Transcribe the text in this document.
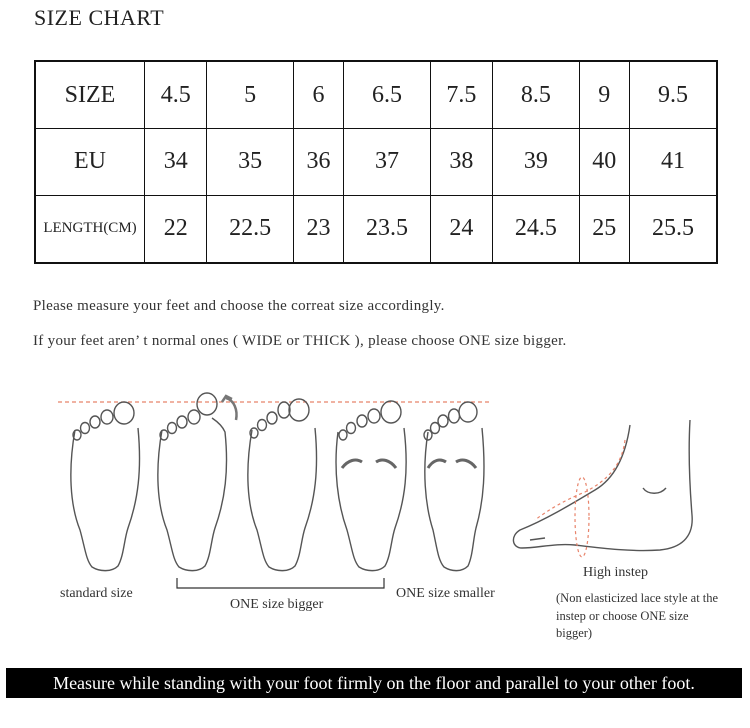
SIZE CHART
SIZE	4.5	5	6	6.5	7.5	8.5	9	9.5
EU	34	35	36	37	38	39	40	41
LENGTH(CM)	22	22.5	23	23.5	24	24.5	25	25.5
Please measure your feet and choose the correat size accordingly.
If your feet aren’ t normal ones ( WIDE or THICK ), please choose ONE size bigger.
standard size
ONE size bigger
ONE size smaller
High instep
(Non elasticized lace style at the instep or choose ONE size bigger)
Measure while standing with your foot firmly on the floor and parallel to your other foot.
